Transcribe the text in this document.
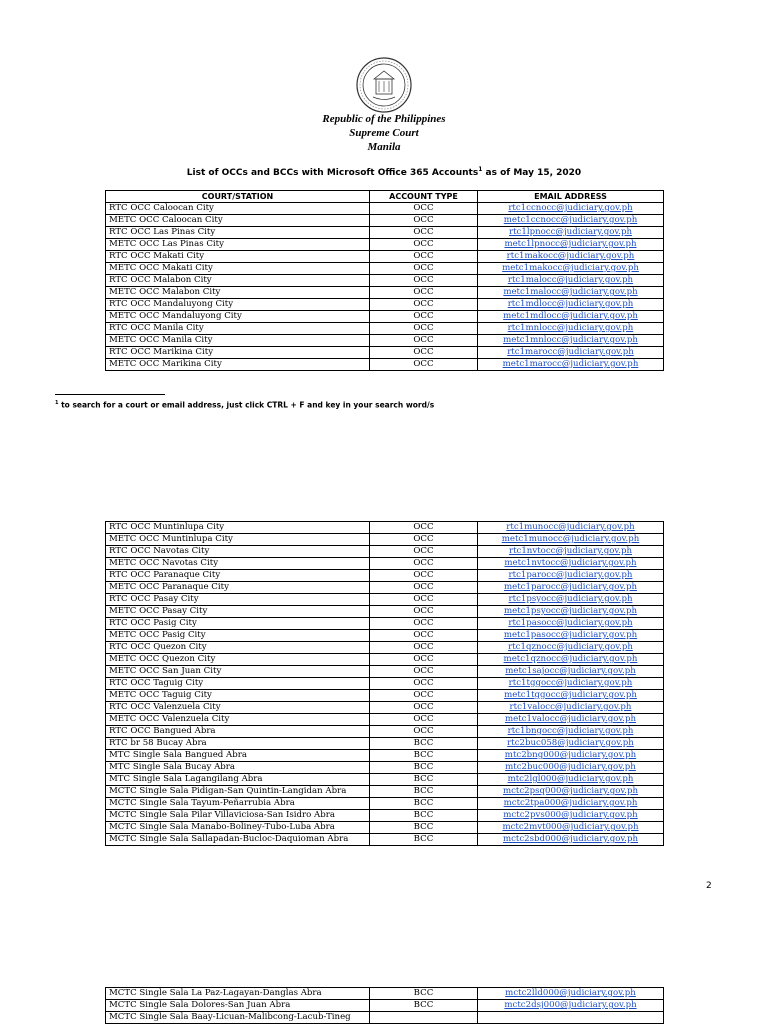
Republic of the Philippines
Supreme Court
Manila
List of OCCs and BCCs with Microsoft Office 365 Accounts$^1$ as of May 15, 2020
COURT/STATION	ACCOUNT TYPE	EMAIL ADDRESS
RTC OCC Caloocan City	OCC	rtc1ccnocc@judiciary.gov.ph
METC OCC Caloocan City	OCC	metc1ccnocc@judiciary.gov.ph
RTC OCC Las Pinas City	OCC	rtc1lpnocc@judiciary.gov.ph
METC OCC Las Pinas City	OCC	metc1lpnocc@judiciary.gov.ph
RTC OCC Makati City	OCC	rtc1makocc@judiciary.gov.ph
METC OCC Makati City	OCC	metc1makocc@judiciary.gov.ph
RTC OCC Malabon City	OCC	rtc1malocc@judiciary.gov.ph
METC OCC Malabon City	OCC	metc1malocc@judiciary.gov.ph
RTC OCC Mandaluyong City	OCC	rtc1mdlocc@judiciary.gov.ph
METC OCC Mandaluyong City	OCC	metc1mdlocc@judiciary.gov.ph
RTC OCC Manila City	OCC	rtc1mnlocc@judiciary.gov.ph
METC OCC Manila City	OCC	metc1mnlocc@judiciary.gov.ph
RTC OCC Marikina City	OCC	rtc1marocc@judiciary.gov.ph
METC OCC Marikina City	OCC	metc1marocc@judiciary.gov.ph
$^1$ to search for a court or email address, just click CTRL + F and key in your search word/s
RTC OCC Muntinlupa City	OCC	rtc1munocc@judiciary.gov.ph
METC OCC Muntinlupa City	OCC	metc1munocc@judiciary.gov.ph
RTC OCC Navotas City	OCC	rtc1nvtocc@judiciary.gov.ph
METC OCC Navotas City	OCC	metc1nvtocc@judiciary.gov.ph
RTC OCC Paranaque City	OCC	rtc1parocc@judiciary.gov.ph
METC OCC Paranaque City	OCC	metc1parocc@judiciary.gov.ph
RTC OCC Pasay City	OCC	rtc1psyocc@judiciary.gov.ph
METC OCC Pasay City	OCC	metc1psyocc@judiciary.gov.ph
RTC OCC Pasig City	OCC	rtc1pasocc@judiciary.gov.ph
METC OCC Pasig City	OCC	metc1pasocc@judiciary.gov.ph
RTC OCC Quezon City	OCC	rtc1qznocc@judiciary.gov.ph
METC OCC Quezon City	OCC	metc1qznocc@judiciary.gov.ph
METC OCC San Juan City	OCC	metc1sajocc@judiciary.gov.ph
RTC OCC Taguig City	OCC	rtc1tggocc@judiciary.gov.ph
METC OCC Taguig City	OCC	metc1tggocc@judiciary.gov.ph
RTC OCC Valenzuela City	OCC	rtc1valocc@judiciary.gov.ph
METC OCC Valenzuela City	OCC	metc1valocc@judiciary.gov.ph
RTC OCC Bangued Abra	OCC	rtc1bngocc@judiciary.gov.ph
RTC br 58 Bucay Abra	BCC	rtc2buc058@judiciary.gov.ph
MTC Single Sala Bangued Abra	BCC	mtc2bng000@judiciary.gov.ph
MTC Single Sala Bucay Abra	BCC	mtc2buc000@judiciary.gov.ph
MTC Single Sala Lagangilang Abra	BCC	mtc2lgl000@judiciary.gov.ph
MCTC Single Sala Pidigan-San Quintin-Langidan Abra	BCC	mctc2psq000@judiciary.gov.ph
MCTC Single Sala Tayum-Peñarrubia Abra	BCC	mctc2tpa000@judiciary.gov.ph
MCTC Single Sala Pilar Villaviciosa-San Isidro Abra	BCC	mctc2pvs000@judiciary.gov.ph
MCTC Single Sala Manabo-Boliney-Tubo-Luba Abra	BCC	mctc2mvt000@judiciary.gov.ph
MCTC Single Sala Sallapadan-Bucloc-Daquioman Abra	BCC	mctc2sbd000@judiciary.gov.ph
2
MCTC Single Sala La Paz-Lagayan-Danglas Abra	BCC	mctc2lld000@judiciary.gov.ph
MCTC Single Sala Dolores-San Juan Abra	BCC	mctc2dsj000@judiciary.gov.ph
MCTC Single Sala Baay-Licuan-Malibcong-Lacub-Tineg		
